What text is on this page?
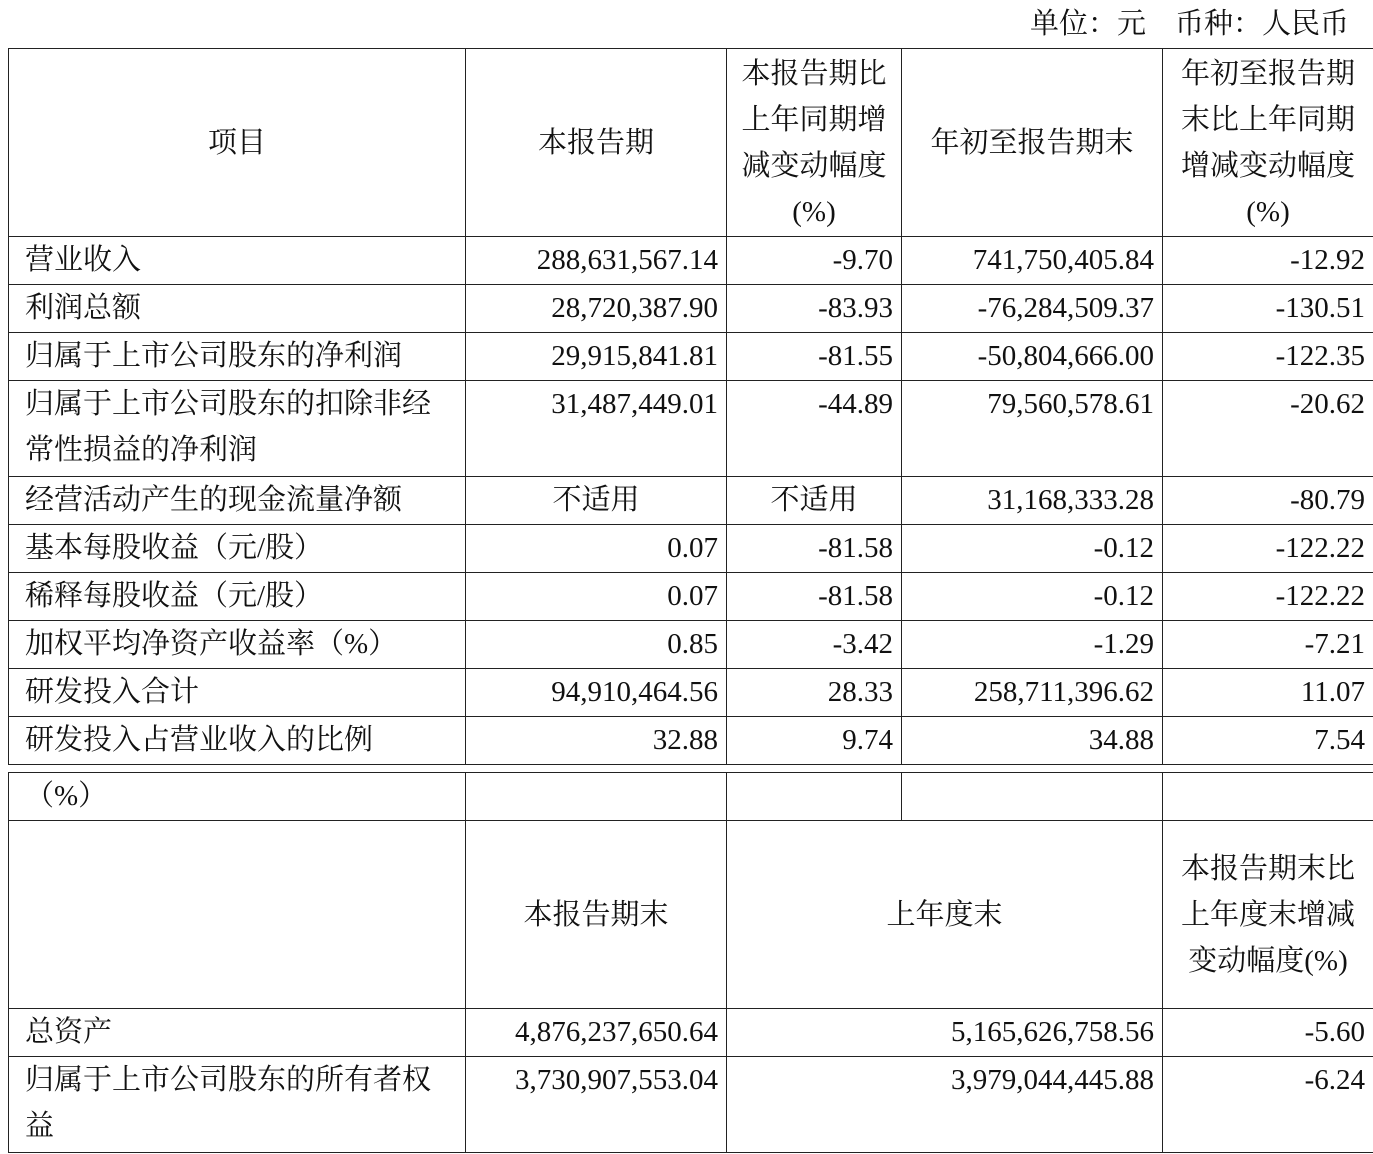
单位：元　币种：人民币
项目	本报告期	本报告期比上年同期增减变动幅度(%)	年初至报告期末	年初至报告期末比上年同期增减变动幅度(%)

营业收入	288,631,567.14	-9.70	741,750,405.84	-12.92
利润总额	28,720,387.90	-83.93	-76,284,509.37	-130.51
归属于上市公司股东的净利润	29,915,841.81	-81.55	-50,804,666.00	-122.35
归属于上市公司股东的扣除非经常性损益的净利润	31,487,449.01	-44.89	79,560,578.61	-20.62
经营活动产生的现金流量净额	不适用	不适用	31,168,333.28	-80.79
基本每股收益（元/股）	0.07	-81.58	-0.12	-122.22
稀释每股收益（元/股）	0.07	-81.58	-0.12	-122.22
加权平均净资产收益率（%）	0.85	-3.42	-1.29	-7.21
研发投入合计	94,910,464.56	28.33	258,711,396.62	11.07
研发投入占营业收入的比例	32.88	9.74	34.88	7.54
（%）				
	本报告期末	上年度末		本报告期末比上年度末增减变动幅度(%)

总资产	4,876,237,650.64	5,165,626,758.56		-5.60
归属于上市公司股东的所有者权益	3,730,907,553.04	3,979,044,445.88		-6.24
